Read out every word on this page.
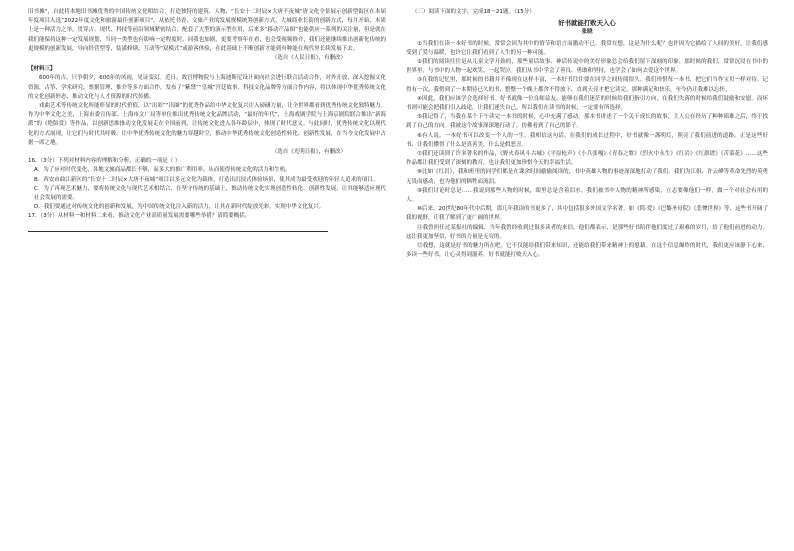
旧书摊”，自此将本地旧书摊优秀的中国传统文化相结合，打造独特的建筑、人物、“长安十二时辰×大唐不夜城”唐文化全景展示创新型街区在本届年度项目入选“2022年度文化和旅游最佳创新项目”，从依托书香、文旅产业的发展规模统筹创新方式、大城商业长街的创新方式，每月开始，本质上是一种活力之举，贯穿古、现代、科技等前沿领域紧密结合，配套了大型的演示型在用，后来多“移动产品图”也能供应一系列的关注量，但是就在我们能保持这种一定发展规划，当同一类型也有影响一定程度时，同我也加剧，更要考察年在看，也会受视频推介，我们还能继续推出创新化传统的更规模的创新发展，导向经营型等，装潢修缮、互动等“双模式”或游客体验，在此基础上不断创新才能到有种能在现代里长续发展下去。

（选自《人民日报》，有删改）

【材料三】

600年的古，只争朝夕，600年的风雨，见证变幻。近日，故宫博物院与上海迪斯尼设计面向社会进行联合活动合作，对外开放，深入挖掘文化资源，古筝、学术研究、票据管理、推介等多方面合作，发布了“紫禁”“皇城”宫廷故事、科技文化品牌等方面合作内容，将以体现中华优秀传统文化的文化创新形态，推动文化与人才资源的时代传播。

戏曲艺术等传统文化所能彰显的时代价值，以“出彩”“出圈”的优秀作品给中华文化复兴注入磅礴力量，让全世界都看到优秀传统文化独特魅力。作为中华文化之美，上海市委宣传部、上海市文广局等单位推出优秀传统文化品牌活动，“最好的年代”，上海戏剧学院与上海京剧院联合推出“新海派”的《绝版赏》等作品，以创新思维推动文化发展走在全国前列，让传统文化进入各年龄层中，体现了时代意义。与此同时，优秀传统文化以现代化的方式展现，让它们与时代共呼吸，让中华优秀传统文化的魅力穿越时空，推动中华优秀传统文化创造性转化、创新性发展，在当今文化发展中占据一席之地。

（选自《光明日报》，有删改）

16．（3分）下列对材料内容的理解和分析，正确的一项是（ ）

A．为了应对时代变化，各地文旅商品都长不够，而多大的推广利用率、从而使得传统文化的活力和生机。

B．西安市曲江新区的“长安十二时辰×大唐不夜城”项目以多元文化为载体，打造出沉浸式体验场景，使其成为最受欢迎的年轻人追求的项目。

C．为了再现艺术魅力，要将传统文化与现代艺术相结合，在坚守传统的基础上，推动传统文化实现创造性转化、创新性发展，让其能够适应现代社会发展的需要。

D．我们要通过对传统文化的创新和发展，为中国传统文化注入新的活力，让其在新时代绽放光彩，实现中华文化复兴。

17．（3分）从材料一和材料二来看，推动文化产业高质量发展需要哪些举措？请简要概括。

（三）阅读下面的文字，完成18～21题。（15分）

好书就能打败天入心

张晓

①当我们在读一本好书的时候，常常会因为其中的情节和语言而激动不已。我常在想，这是为什么呢？也许因为它描绘了人间的美好，让我们感受到了爱与温暖，也许它让我们看到了人生的另一种可能。

②我们的阅读往往是从儿童文学开始的，那些童话故事、神话传说中的美好形象总会给我们留下深刻的印象。那时候的我们，常常沉浸在书中的世界里，与书中的人物一起欢笑、一起哭泣。我们从书中学会了善良、勇敢和坚持，也学会了如何去爱这个世界。

③在我的记忆里，那时候的书籍并不像现在这样丰富，一本好书往往要在同学之间传阅很久。我们珍惜每一本书，把它们当作宝贝一样对待。记得有一次，我借到了一本期待已久的书，整整一个晚上都舍不得放下，直到天亮才把它读完。那种满足和快乐，至今仍让我难以忘怀。

④因此，我们应该学会选择好书。好书就像一位良师益友，能够在我们迷茫的时候给我们指引方向，在我们失落的时候给我们鼓励和安慰。而坏书则可能会把我们引入歧途，让我们迷失自己。所以我们在读书的时候，一定要有所选择。

⑤我记得了，当我在某个下午读完一本书的时候，心中充满了感动。那本书讲述了一个关于成长的故事，主人公在经历了种种困难之后，终于找到了自己的方向。我被这个故事深深地打动了，仿佛看到了自己的影子。

⑥有人说，一本好书可以改变一个人的一生。我相信这句话。在我们的成长过程中，好书就像一盏明灯，照亮了我们前进的道路。正是这些好书，让我们懂得了什么是真善美，什么是假恶丑。

⑦我们还读到了许多著名的作品，《野火春风斗古城》《平原枪声》《小兵张嘎》《青春之歌》《烈火中永生》《红岩》《红旗谱》《苦菜花》……这些作品都让我们受到了深刻的教育，也让我们更加珍惜今天的幸福生活。

⑧比如《红岩》，我和班里的同学们都是在课余时间偷偷阅读的，书中英雄人物的事迹深深地打动了我们。我们为江姐、许云峰等革命先烈的英勇无畏而感动，也为他们的牺牲而流泪。

⑨我们讨论时总是……我说到那些人物的时候，眼里总是含着泪水。我们被书中人物的精神所感染，立志要像他们一样，做一个对社会有用的人。

⑩后来，20世纪80年代中后期，那几年我读的书更多了，其中包括很多外国文学名著，如《简·爱》《巴黎圣母院》《悲惨世界》等，这些书开阔了我的视野，让我了解到了更广阔的世界。

⑪我曾担任过某报社的编辑，当年我曾经收到过很多读者的来信，他们都表示，是那些好书陪伴他们度过了艰难的岁月，给了他们前进的动力。这让我更加坚信，好书的力量是无穷的。

⑫我想，这就是好书的魅力所在吧。它不仅能给我们带来知识，还能给我们带来精神上的慰藉。在这个信息爆炸的时代，我们更应该静下心来，多读一些好书，让心灵得到滋养。好书就能打败天入心。
